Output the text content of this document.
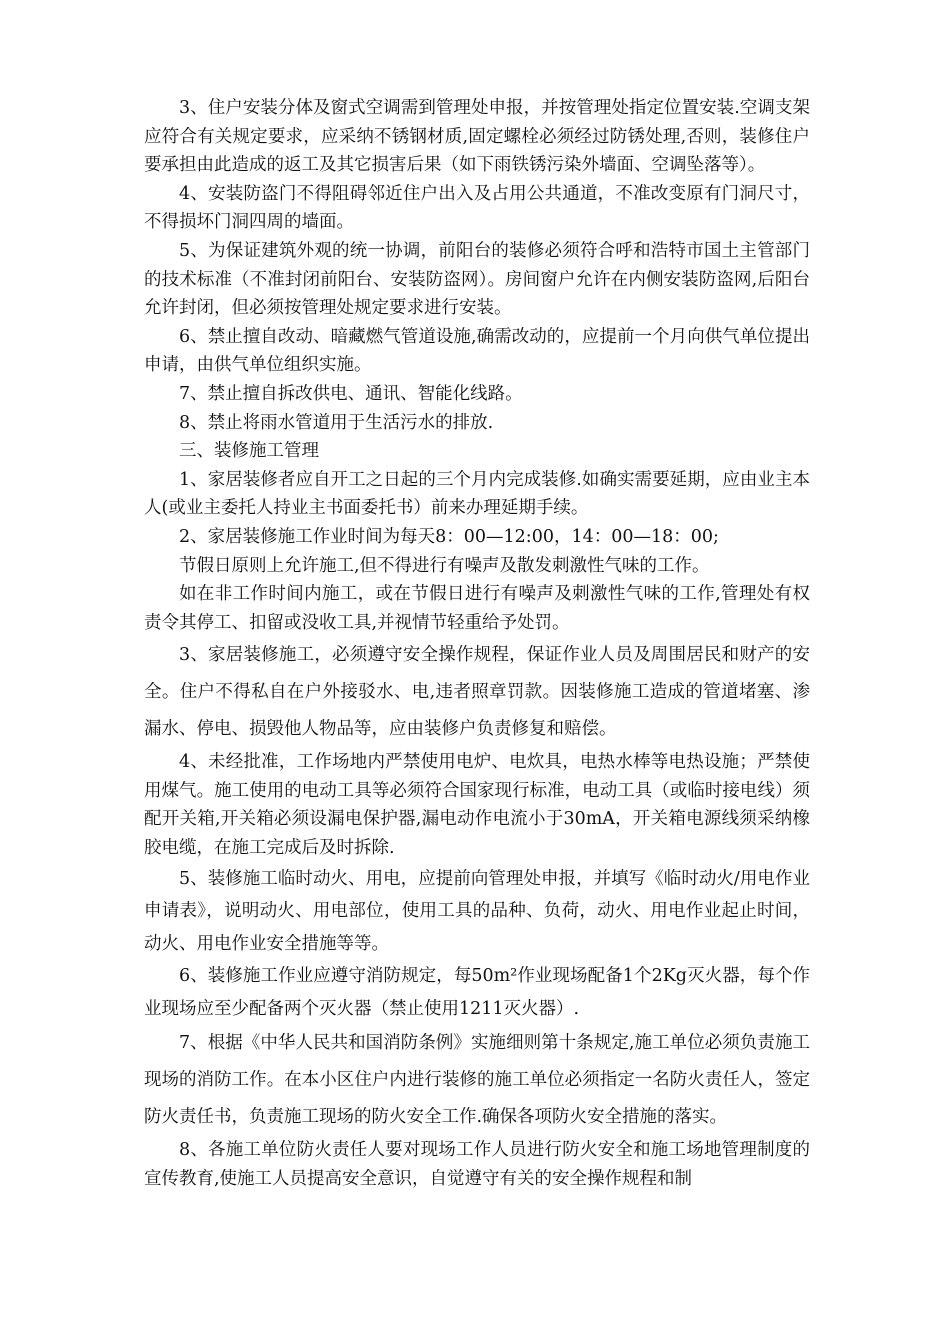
3、住户安装分体及窗式空调需到管理处申报，并按管理处指定位置安装.空调支架应符合有关规定要求，应采纳不锈钢材质,固定螺栓必须经过防锈处理,否则，装修住户要承担由此造成的返工及其它损害后果（如下雨铁锈污染外墙面、空调坠落等）。

4、安装防盗门不得阻碍邻近住户出入及占用公共通道，不准改变原有门洞尺寸，不得损坏门洞四周的墙面。

5、为保证建筑外观的统一协调，前阳台的装修必须符合呼和浩特市国土主管部门的技术标准（不准封闭前阳台、安装防盗网）。房间窗户允许在内侧安装防盗网,后阳台允许封闭，但必须按管理处规定要求进行安装。

6、禁止擅自改动、暗藏燃气管道设施,确需改动的，应提前一个月向供气单位提出申请，由供气单位组织实施。

7、禁止擅自拆改供电、通讯、智能化线路。

8、禁止将雨水管道用于生活污水的排放.

三、装修施工管理

1、家居装修者应自开工之日起的三个月内完成装修.如确实需要延期，应由业主本人(或业主委托人持业主书面委托书）前来办理延期手续。

2、家居装修施工作业时间为每天8：00—12:00，14：00—18：00;

节假日原则上允许施工,但不得进行有噪声及散发刺激性气味的工作。

如在非工作时间内施工，或在节假日进行有噪声及刺激性气味的工作,管理处有权责令其停工、扣留或没收工具,并视情节轻重给予处罚。

3、家居装修施工，必须遵守安全操作规程，保证作业人员及周围居民和财产的安全。住户不得私自在户外接驳水、电,违者照章罚款。因装修施工造成的管道堵塞、渗漏水、停电、损毁他人物品等，应由装修户负责修复和赔偿。

4、未经批准，工作场地内严禁使用电炉、电炊具，电热水棒等电热设施；严禁使用煤气。施工使用的电动工具等必须符合国家现行标准，电动工具（或临时接电线）须配开关箱,开关箱必须设漏电保护器,漏电动作电流小于30mA，开关箱电源线须采纳橡胶电缆，在施工完成后及时拆除.

5、装修施工临时动火、用电，应提前向管理处申报，并填写《临时动火/用电作业申请表》，说明动火、用电部位，使用工具的品种、负荷，动火、用电作业起止时间，动火、用电作业安全措施等等。

6、装修施工作业应遵守消防规定，每50m²作业现场配备1个2Kg灭火器，每个作业现场应至少配备两个灭火器（禁止使用1211灭火器）.

7、根据《中华人民共和国消防条例》实施细则第十条规定,施工单位必须负责施工现场的消防工作。在本小区住户内进行装修的施工单位必须指定一名防火责任人，签定防火责任书，负责施工现场的防火安全工作.确保各项防火安全措施的落实。

8、各施工单位防火责任人要对现场工作人员进行防火安全和施工场地管理制度的宣传教育,使施工人员提高安全意识，自觉遵守有关的安全操作规程和制
